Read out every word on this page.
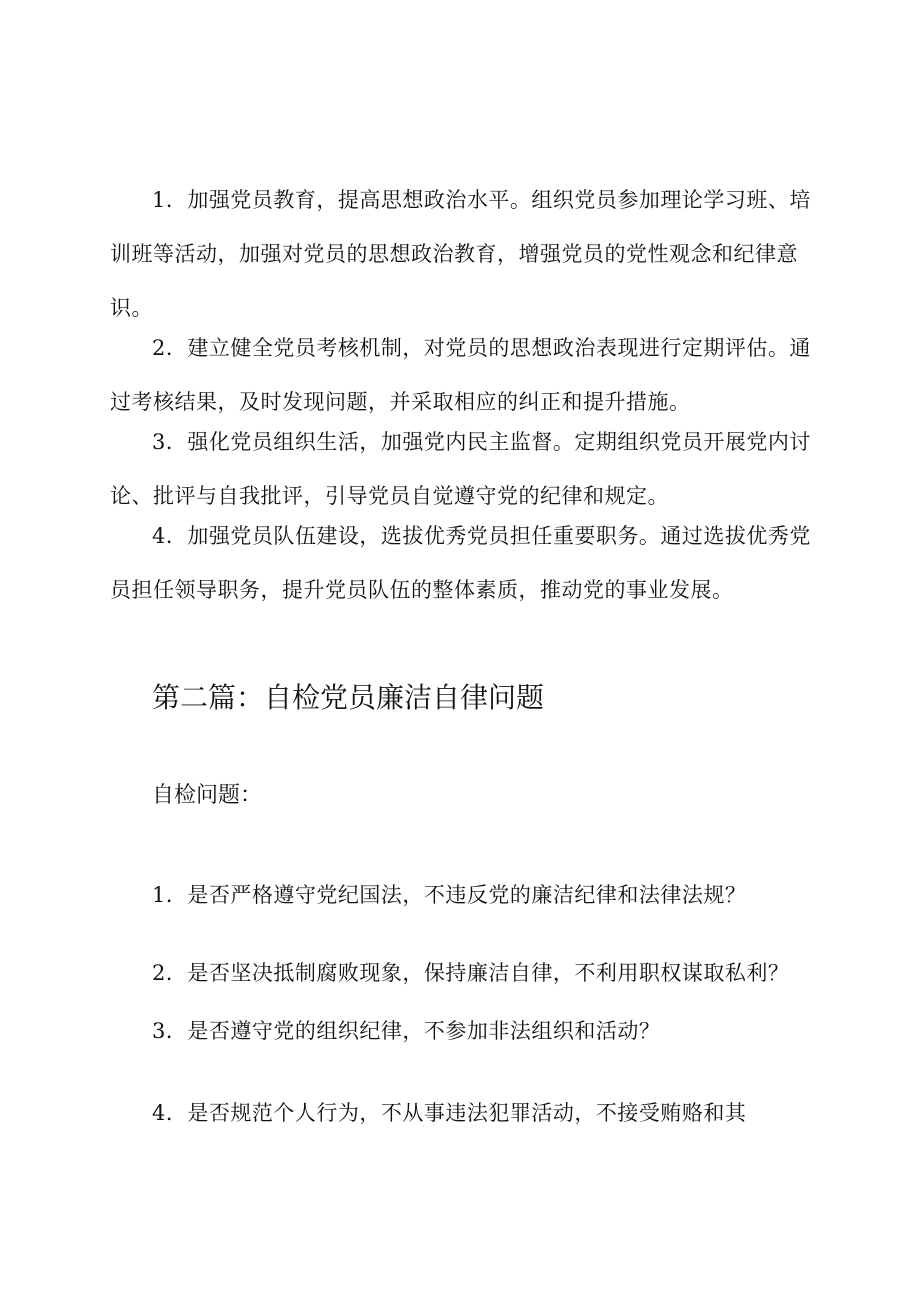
1．加强党员教育，提高思想政治水平。组织党员参加理论学习班、培训班等活动，加强对党员的思想政治教育，增强党员的党性观念和纪律意识。

2．建立健全党员考核机制，对党员的思想政治表现进行定期评估。通过考核结果，及时发现问题，并采取相应的纠正和提升措施。

3．强化党员组织生活，加强党内民主监督。定期组织党员开展党内讨论、批评与自我批评，引导党员自觉遵守党的纪律和规定。

4．加强党员队伍建设，选拔优秀党员担任重要职务。通过选拔优秀党员担任领导职务，提升党员队伍的整体素质，推动党的事业发展。

第二篇：自检党员廉洁自律问题
自检问题：

1．是否严格遵守党纪国法，不违反党的廉洁纪律和法律法规？

2．是否坚决抵制腐败现象，保持廉洁自律，不利用职权谋取私利？

3．是否遵守党的组织纪律，不参加非法组织和活动？

4．是否规范个人行为，不从事违法犯罪活动，不接受贿赂和其
